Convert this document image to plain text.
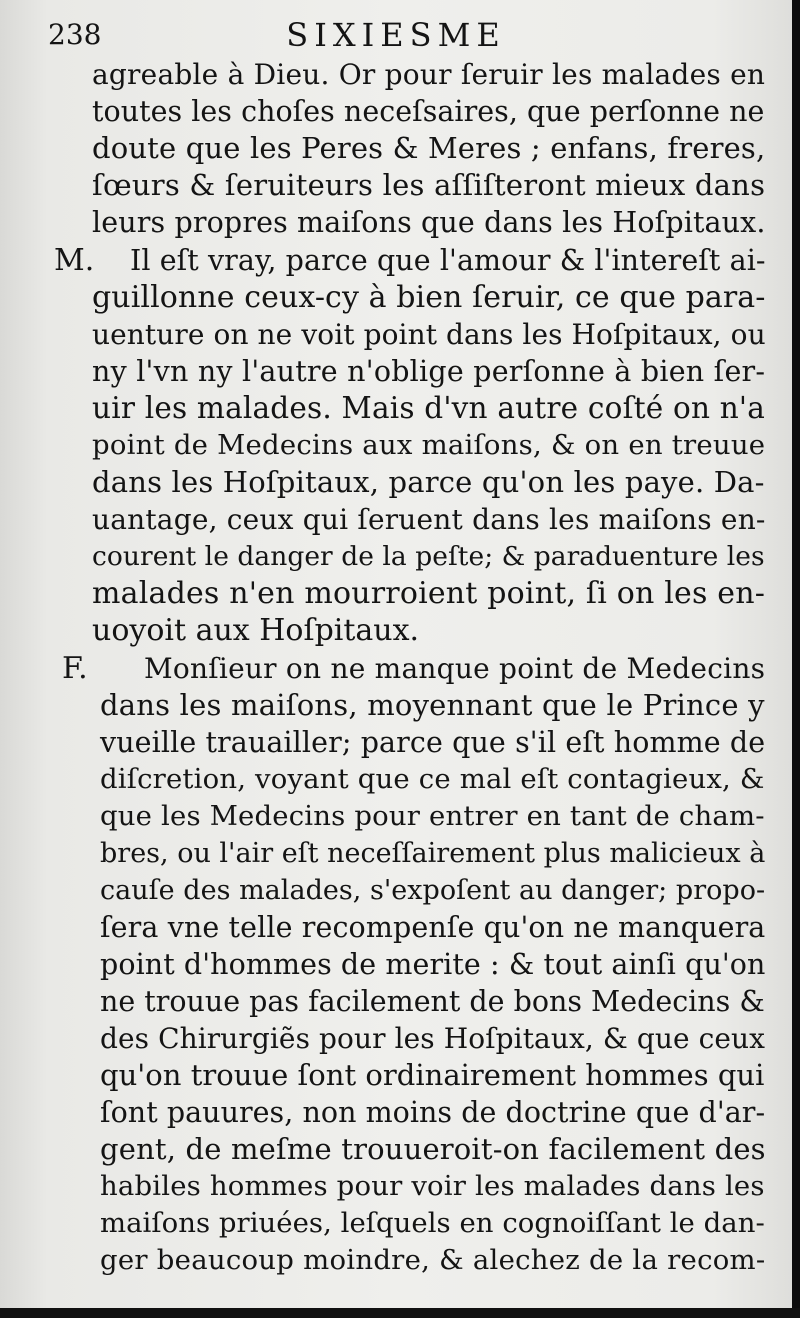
238	SIXIESME
M.
F.
agreable à Dieu. Or pour ſeruir les malades en
toutes les choſes neceſsaires, que perſonne ne
doute que les Peres & Meres ; enfans, freres,
ſœurs & ſeruiteurs les aſſiſteront mieux dans
leurs propres maiſons que dans les Hoſpitaux.
Il eſt vray, parce que l'amour & l'intereſt ai-
guillonne ceux-cy à bien ſeruir, ce que para-
uenture on ne voit point dans les Hoſpitaux, ou
ny l'vn ny l'autre n'oblige perſonne à bien ſer-
uir les malades. Mais d'vn autre coſté on n'a
point de Medecins aux maiſons, & on en treuue
dans les Hoſpitaux, parce qu'on les paye. Da-
uantage, ceux qui ſeruent dans les maiſons en-
courent le danger de la peſte; & paraduenture les
malades n'en mourroient point, ſi on les en-
uoyoit aux Hoſpitaux.
Monſieur on ne manque point de Medecins
dans les maiſons, moyennant que le Prince y
vueille trauailler; parce que s'il eſt homme de
diſcretion, voyant que ce mal eſt contagieux, &
que les Medecins pour entrer en tant de cham-
bres, ou l'air eſt neceſſairement plus malicieux à
cauſe des malades, s'expoſent au danger; propo-
ſera vne telle recompenſe qu'on ne manquera
point d'hommes de merite : & tout ainſi qu'on
ne trouue pas facilement de bons Medecins &
des Chirurgiẽs pour les Hoſpitaux, & que ceux
qu'on trouue ſont ordinairement hommes qui
ſont pauures, non moins de doctrine que d'ar-
gent, de meſme trouueroit-on facilement des
habiles hommes pour voir les malades dans les
maiſons priuées, leſquels en cognoiſſant le dan-
ger beaucoup moindre, & alechez de la recom-
